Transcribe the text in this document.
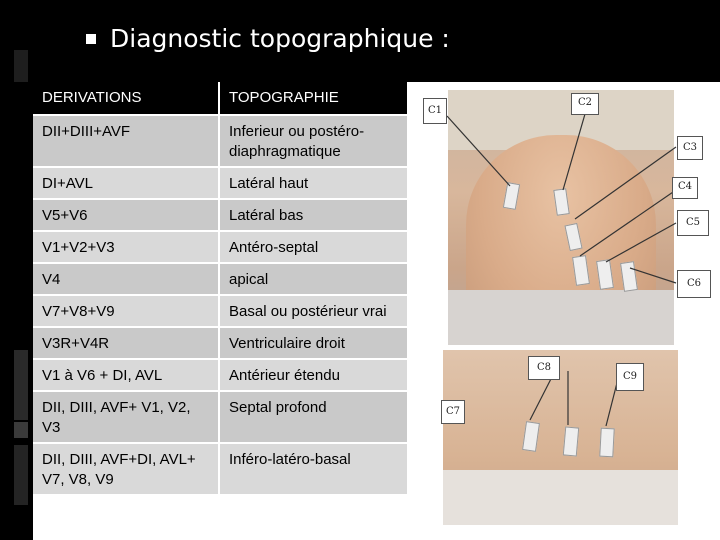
Diagnostic topographique :
DERIVATIONS	TOPOGRAPHIE
DII+DIII+AVF	Inferieur ou postéro-diaphragmatique
DI+AVL	Latéral haut
V5+V6	Latéral bas
V1+V2+V3	Antéro-septal
V4	apical
V7+V8+V9	Basal ou postérieur vrai
V3R+V4R	Ventriculaire droit
V1 à V6 + DI, AVL	Antérieur étendu
DII, DIII, AVF+ V1, V2, V3	Septal profond
DII, DIII, AVF+DI, AVL+ V7, V8, V9	Inféro-latéro-basal
C1
C2
C3
C4
C5
C6
C7
C8
C9
